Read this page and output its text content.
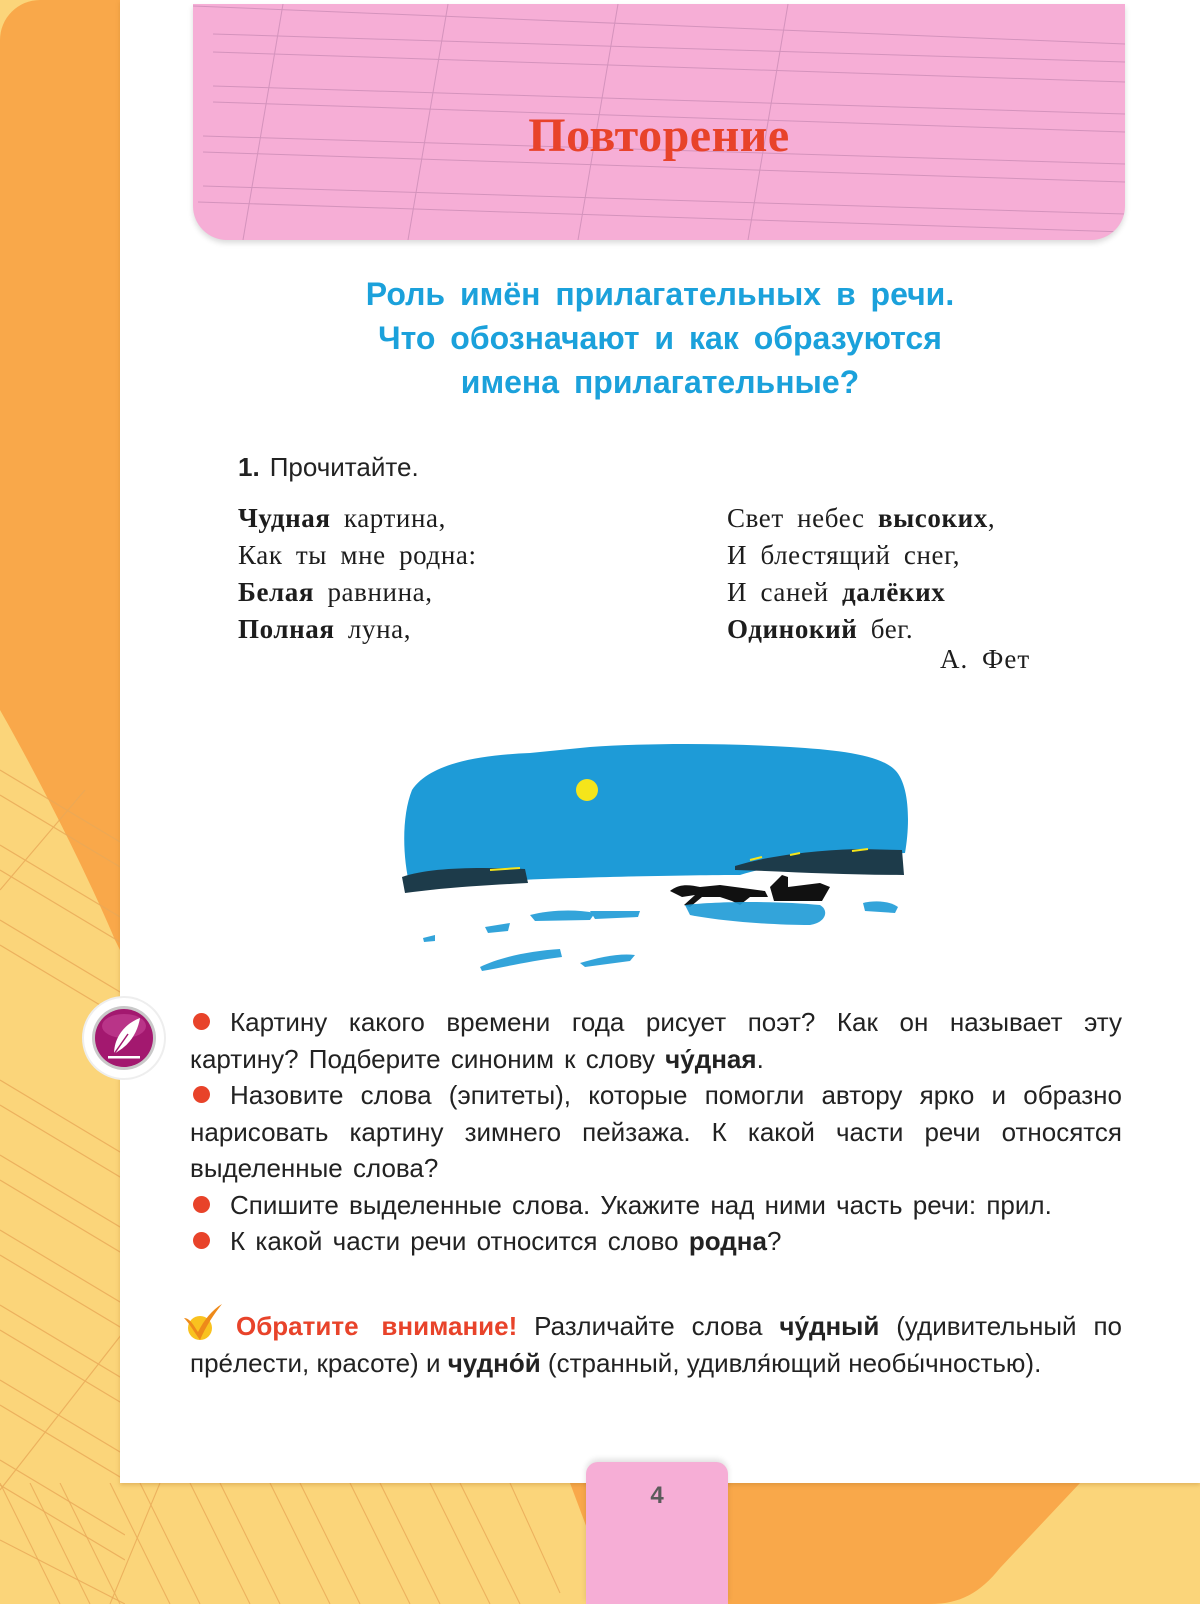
Повторение
Роль имён прилагательных в речи.
Что обозначают и как образуются
имена прилагательные?
1. Прочитайте.
Чудная картина,
Как ты мне родна:
Белая равнина,
Полная луна,
Свет небес высоких,
И блестящий снег,
И саней далёких
Одинокий бег.
А. Фет

Картину какого времени года рисует поэт? Как он называет эту картину? Подберите синоним к слову чу́дная.

Назовите слова (эпитеты), которые помогли автору ярко и образно нарисовать картину зимнего пейзажа. К какой части речи относятся выделенные слова?

Спишите выделенные слова. Укажите над ними часть речи: прил.

К какой части речи относится слово родна?

Обратите внимание! Различайте слова чу́дный (удивительный по пре́лести, красоте) и чудно́й (странный, удивля́ющий необы́чностью).

4
